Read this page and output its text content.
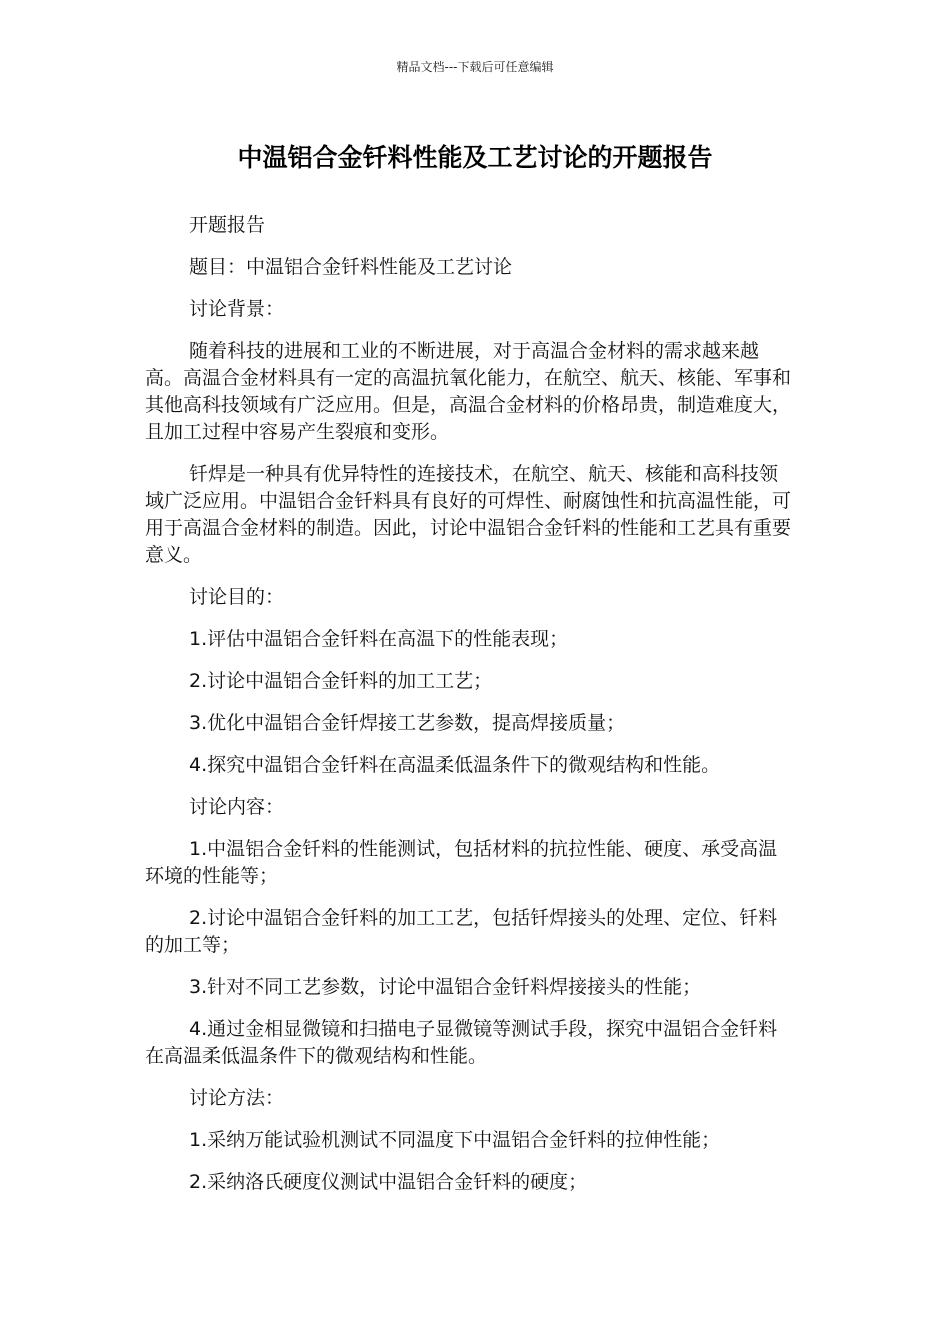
精品文档---下载后可任意编辑
中温铝合金钎料性能及工艺讨论的开题报告

开题报告

题目：中温铝合金钎料性能及工艺讨论

讨论背景：

随着科技的进展和工业的不断进展，对于高温合金材料的需求越来越高。高温合金材料具有一定的高温抗氧化能力，在航空、航天、核能、军事和其他高科技领域有广泛应用。但是，高温合金材料的价格昂贵，制造难度大，且加工过程中容易产生裂痕和变形。

钎焊是一种具有优异特性的连接技术，在航空、航天、核能和高科技领域广泛应用。中温铝合金钎料具有良好的可焊性、耐腐蚀性和抗高温性能，可用于高温合金材料的制造。因此，讨论中温铝合金钎料的性能和工艺具有重要意义。

讨论目的：

1.评估中温铝合金钎料在高温下的性能表现；

2.讨论中温铝合金钎料的加工工艺；

3.优化中温铝合金钎焊接工艺参数，提高焊接质量；

4.探究中温铝合金钎料在高温柔低温条件下的微观结构和性能。

讨论内容：

1.中温铝合金钎料的性能测试，包括材料的抗拉性能、硬度、承受高温环境的性能等；

2.讨论中温铝合金钎料的加工工艺，包括钎焊接头的处理、定位、钎料的加工等；

3.针对不同工艺参数，讨论中温铝合金钎料焊接接头的性能；

4.通过金相显微镜和扫描电子显微镜等测试手段，探究中温铝合金钎料在高温柔低温条件下的微观结构和性能。

讨论方法：

1.采纳万能试验机测试不同温度下中温铝合金钎料的拉伸性能；

2.采纳洛氏硬度仪测试中温铝合金钎料的硬度；
